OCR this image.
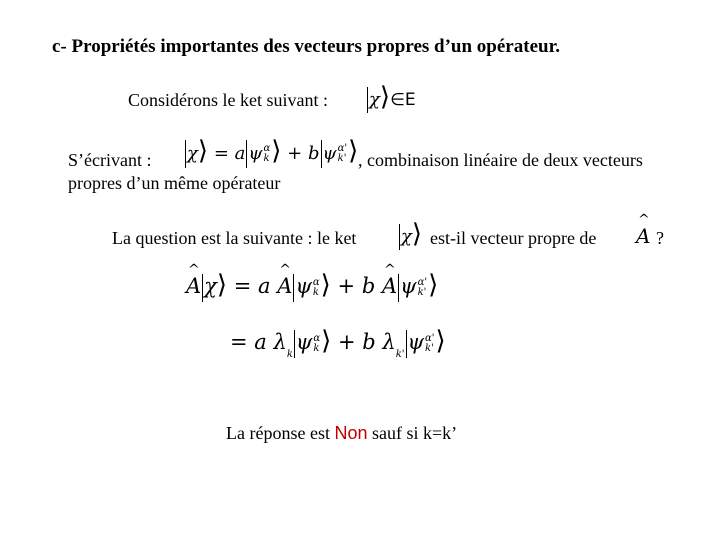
c- Propriétés importantes des vecteurs propres d’un opérateur.
Considérons le ket suivant : χ⟩∈E
S’écrivant : χ⟩ = a ψ α
k ⟩ + b ψ α'
k' ⟩ , combinaison linéaire de deux vecteurs
propres d’un même opérateur
La question est la suivante : le ket χ⟩ est-il vecteur propre de ^ A ?
^ A χ⟩ = a ^ A ψ α
k ⟩ + b ^ A ψ α'
k' ⟩
= a $\lambda_k\psi$ α
k ⟩ + b $\lambda_{k'}\psi$ α'
k' ⟩
La réponse est Non sauf si k=k’
